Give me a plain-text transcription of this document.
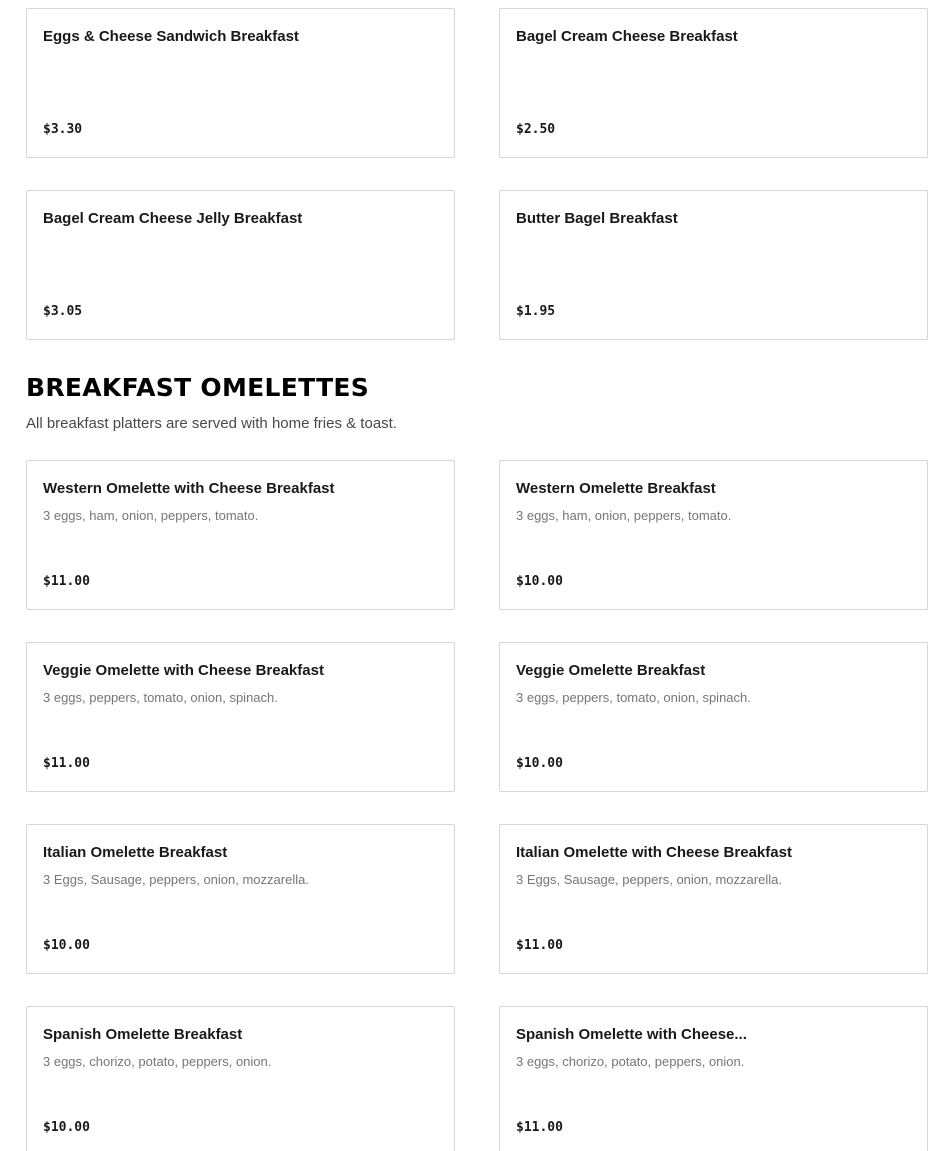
Eggs & Cheese Sandwich Breakfast
$3.30
Bagel Cream Cheese Breakfast
$2.50
Bagel Cream Cheese Jelly Breakfast
$3.05
Butter Bagel Breakfast
$1.95
BREAKFAST OMELETTES
All breakfast platters are served with home fries & toast.
Western Omelette with Cheese Breakfast
3 eggs, ham, onion, peppers, tomato.
$11.00
Western Omelette Breakfast
3 eggs, ham, onion, peppers, tomato.
$10.00
Veggie Omelette with Cheese Breakfast
3 eggs, peppers, tomato, onion, spinach.
$11.00
Veggie Omelette Breakfast
3 eggs, peppers, tomato, onion, spinach.
$10.00
Italian Omelette Breakfast
3 Eggs, Sausage, peppers, onion, mozzarella.
$10.00
Italian Omelette with Cheese Breakfast
3 Eggs, Sausage, peppers, onion, mozzarella.
$11.00
Spanish Omelette Breakfast
3 eggs, chorizo, potato, peppers, onion.
$10.00
Spanish Omelette with Cheese...
3 eggs, chorizo, potato, peppers, onion.
$11.00
